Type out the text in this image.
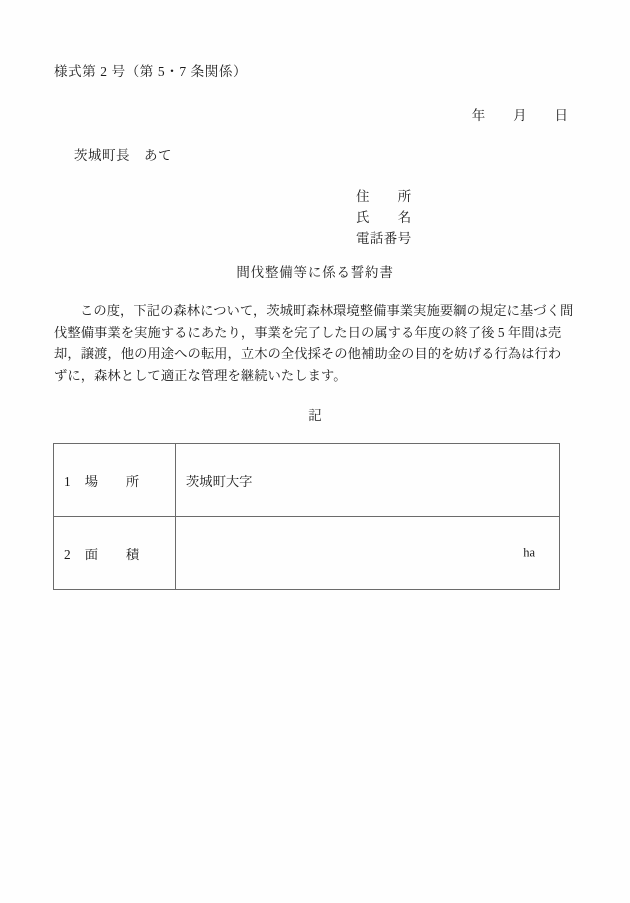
様式第 2 号（第 5・7 条関係）
年 月 日
茨城町長　あて
住　　所
氏　　名
電話番号
間伐整備等に係る誓約書
この度，下記の森林について，茨城町森林環境整備事業実施要綱の規定に基づく間
伐整備事業を実施するにあたり，事業を完了した日の属する年度の終了後 5 年間は売
却，譲渡，他の用途への転用，立木の全伐採その他補助金の目的を妨げる行為は行わ
ずに，森林として適正な管理を継続いたします。
記
1　場　　所	茨城町大字

2　面　　積	ha
